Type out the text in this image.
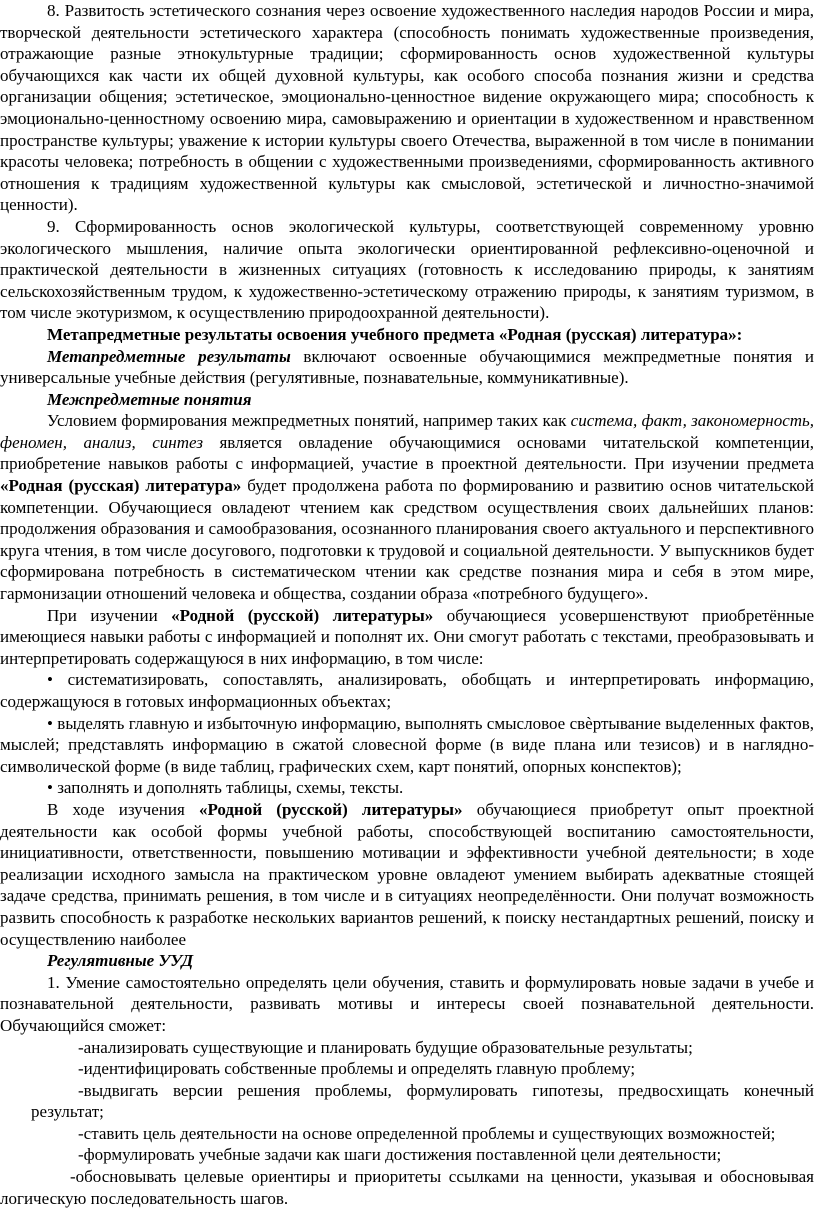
8. Развитость эстетического сознания через освоение художественного наследия народов России и мира, творческой деятельности эстетического характера (способность понимать художественные произведения, отражающие разные этнокультурные традиции; сформированность основ художественной культуры обучающихся как части их общей духовной культуры, как особого способа познания жизни и средства организации общения; эстетическое, эмоционально-ценностное видение окружающего мира; способность к эмоционально-ценностному освоению мира, самовыражению и ориентации в художественном и нравственном пространстве культуры; уважение к истории культуры своего Отечества, выраженной в том числе в понимании красоты человека; потребность в общении с художественными произведениями, сформированность активного отношения к традициям художественной культуры как смысловой, эстетической и личностно-значимой ценности).

9. Сформированность основ экологической культуры, соответствующей современному уровню экологического мышления, наличие опыта экологически ориентированной рефлексивно-оценочной и практической деятельности в жизненных ситуациях (готовность к исследованию природы, к занятиям сельскохозяйственным трудом, к художественно-эстетическому отражению природы, к занятиям туризмом, в том числе экотуризмом, к осуществлению природоохранной деятельности).

Метапредметные результаты освоения учебного предмета «Родная (русская) литература»:

Метапредметные результаты включают освоенные обучающимися межпредметные понятия и универсальные учебные действия (регулятивные, познавательные, коммуникативные).

Межпредметные понятия

Условием формирования межпредметных понятий, например таких как система, факт, закономерность, феномен, анализ, синтез является овладение обучающимися основами читательской компетенции, приобретение навыков работы с информацией, участие в проектной деятельности. При изучении предмета «Родная (русская) литература» будет продолжена работа по формированию и развитию основ читательской компетенции. Обучающиеся овладеют чтением как средством осуществления своих дальнейших планов: продолжения образования и самообразования, осознанного планирования своего актуального и перспективного круга чтения, в том числе досугового, подготовки к трудовой и социальной деятельности. У выпускников будет сформирована потребность в систематическом чтении как средстве познания мира и себя в этом мире, гармонизации отношений человека и общества, создании образа «потребного будущего».

При изучении «Родной (русской) литературы» обучающиеся усовершенствуют приобретённые имеющиеся навыки работы с информацией и пополнят их. Они смогут работать с текстами, преобразовывать и интерпретировать содержащуюся в них информацию, в том числе:

• систематизировать, сопоставлять, анализировать, обобщать и интерпретировать информацию, содержащуюся в готовых информационных объектах;

• выделять главную и избыточную информацию, выполнять смысловое свѐртывание выделенных фактов, мыслей; представлять информацию в сжатой словесной форме (в виде плана или тезисов) и в наглядно-символической форме (в виде таблиц, графических схем, карт понятий, опорных конспектов);

• заполнять и дополнять таблицы, схемы, тексты.

В ходе изучения «Родной (русской) литературы» обучающиеся приобретут опыт проектной деятельности как особой формы учебной работы, способствующей воспитанию самостоятельности, инициативности, ответственности, повышению мотивации и эффективности учебной деятельности; в ходе реализации исходного замысла на практическом уровне овладеют умением выбирать адекватные стоящей задаче средства, принимать решения, в том числе и в ситуациях неопределённости. Они получат возможность развить способность к разработке нескольких вариантов решений, к поиску нестандартных решений, поиску и осуществлению наиболее

Регулятивные УУД

1. Умение самостоятельно определять цели обучения, ставить и формулировать новые задачи в учебе и познавательной деятельности, развивать мотивы и интересы своей познавательной деятельности. Обучающийся сможет:

-анализировать существующие и планировать будущие образовательные результаты;

-идентифицировать собственные проблемы и определять главную проблему;

-выдвигать версии решения проблемы, формулировать гипотезы, предвосхищать конечный результат;

-ставить цель деятельности на основе определенной проблемы и существующих возможностей;

-формулировать учебные задачи как шаги достижения поставленной цели деятельности;

-обосновывать целевые ориентиры и приоритеты ссылками на ценности, указывая и обосновывая логическую последовательность шагов.
